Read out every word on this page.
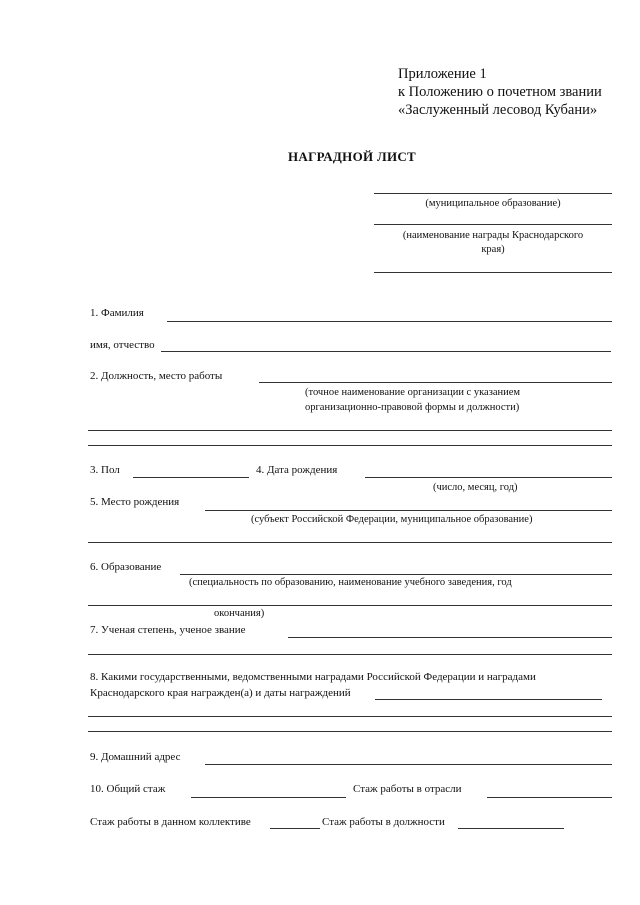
Приложение 1
к Положению о почетном звании
«Заслуженный лесовод Кубани»
НАГРАДНОЙ ЛИСТ
(муниципальное образование)
(наименование награды Краснодарского
края)
1. Фамилия
имя, отчество
2. Должность, место работы
(точное наименование организации с указанием
организационно-правовой формы и должности)
3. Пол	4. Дата рождения
(число, месяц, год)
5. Место рождения
(субъект Российской Федерации, муниципальное образование)
6. Образование
(специальность по образованию, наименование учебного заведения, год
окончания)
7. Ученая степень, ученое звание
8. Какими государственными, ведомственными наградами Российской Федерации и наградами
Краснодарского края награжден(а) и даты награждений
9. Домашний адрес
10. Общий стаж	Стаж работы в отрасли
Стаж работы в данном коллективе	Стаж работы в должности
